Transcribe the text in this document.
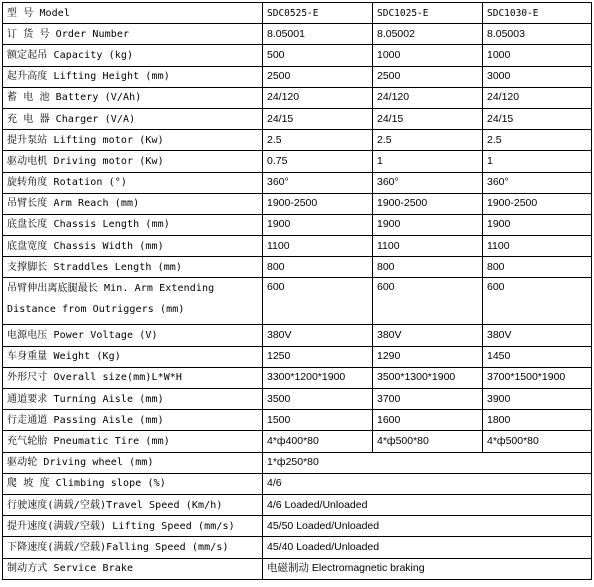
型 号 Model	SDC0525-E	SDC1025-E	SDC1030-E
订 货 号 Order Number	8.05001	8.05002	8.05003
额定起吊 Capacity (kg)	500	1000	1000
起升高度 Lifting Height (mm)	2500	2500	3000
蓄 电 池 Battery (V/Ah)	24/120	24/120	24/120
充 电 器 Charger (V/A)	24/15	24/15	24/15
提升泵站 Lifting motor (Kw)	2.5	2.5	2.5
驱动电机 Driving motor (Kw)	0.75	1	1
旋转角度 Rotation (°)	360°	360°	360°
吊臂长度 Arm Reach (mm)	1900-2500	1900-2500	1900-2500
底盘长度 Chassis Length (mm)	1900	1900	1900
底盘宽度 Chassis Width (mm)	1100	1100	1100
支撑脚长 Straddles Length (mm)	800	800	800
吊臂伸出离底腿最长 Min. Arm Extending Distance from Outriggers (mm)	600	600	600
电源电压 Power Voltage (V)	380V	380V	380V
车身重量 Weight (Kg)	1250	1290	1450
外形尺寸 Overall size(mm)L*W*H	3300*1200*1900	3500*1300*1900	3700*1500*1900
通道要求 Turning Aisle (mm)	3500	3700	3900
行走通道 Passing Aisle (mm)	1500	1600	1800
充气轮胎 Pneumatic Tire (mm)	4*ф400*80	4*ф500*80	4*ф500*80
驱动轮 Driving wheel (mm)	1*ф250*80		
爬 坡 度 Climbing slope (%)	4/6		
行驶速度(满载/空载)Travel Speed (Km/h)	4/6 Loaded/Unloaded		
提升速度(满载/空载) Lifting Speed (mm/s)	45/50 Loaded/Unloaded		
下降速度(满载/空载)Falling Speed (mm/s)	45/40 Loaded/Unloaded		
制动方式 Service Brake	电磁制动 Electromagnetic braking		
